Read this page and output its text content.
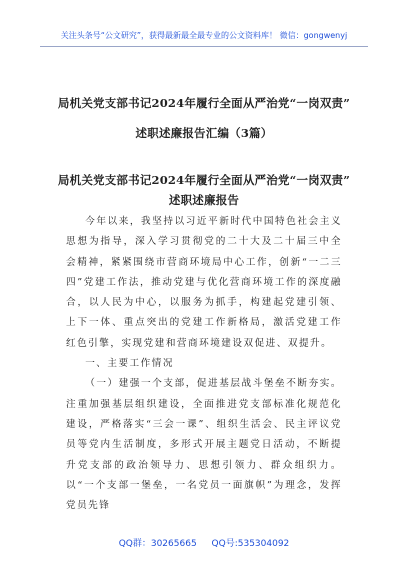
关注头条号“公文研究”，获得最新最全最专业的公文资料库！ 微信：gongwenyj
局机关党支部书记2024年履行全面从严治党“一岗双责”
述职述廉报告汇编（3篇）
局机关党支部书记2024年履行全面从严治党“一岗双责”
述职述廉报告

今年以来，我坚持以习近平新时代中国特色社会主义思想为指导，深入学习贯彻党的二十大及二十届三中全会精神，紧紧围绕市营商环境局中心工作，创新“一二三四”党建工作法，推动党建与优化营商环境工作的深度融合，以人民为中心，以服务为抓手，构建起党建引领、上下一体、重点突出的党建工作新格局，激活党建工作红色引擎，实现党建和营商环境建设双促进、双提升。

一、主要工作情况

（一）建强一个支部，促进基层战斗堡垒不断夯实。注重加强基层组织建设，全面推进党支部标准化规范化建设，严格落实“三会一课”、组织生活会、民主评议党员等党内生活制度，多形式开展主题党日活动，不断提升党支部的政治领导力、思想引领力、群众组织力。以“一个支部一堡垒，一名党员一面旗帜”为理念，发挥党员先锋

QQ群：30265665 QQ号:535304092
